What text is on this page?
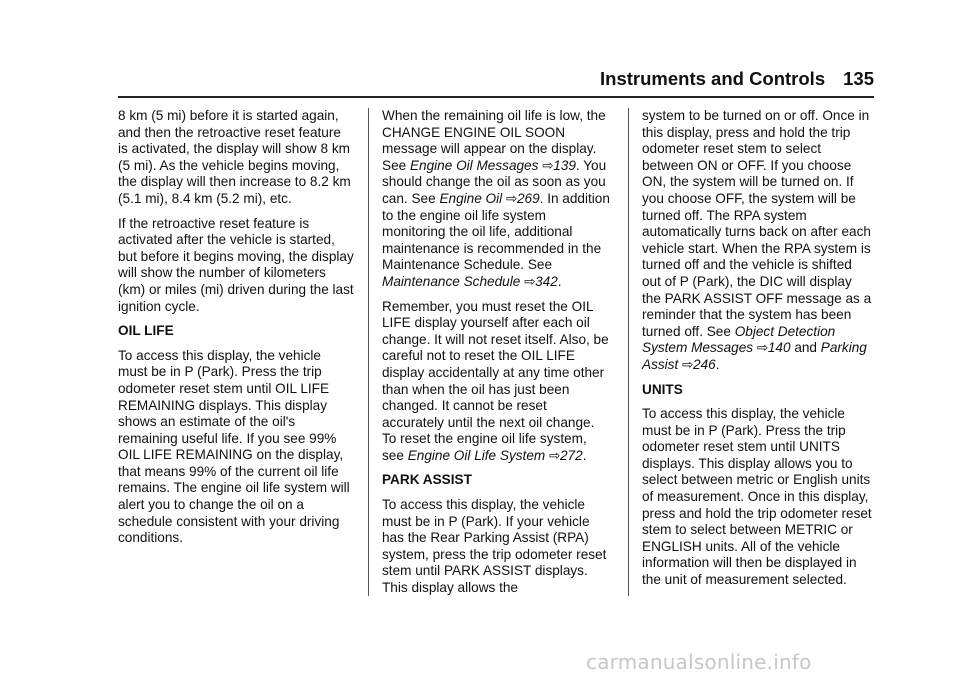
Instruments and Controls 135

8 km (5 mi) before it is started again, and then the retroactive reset feature is activated, the display will show 8 km (5 mi). As the vehicle begins moving, the display will then increase to 8.2 km (5.1 mi), 8.4 km (5.2 mi), etc.

If the retroactive reset feature is activated after the vehicle is started, but before it begins moving, the display will show the number of kilometers (km) or miles (mi) driven during the last ignition cycle.

OIL LIFE

To access this display, the vehicle must be in P (Park). Press the trip odometer reset stem until OIL LIFE REMAINING displays. This display shows an estimate of the oil's remaining useful life. If you see 99% OIL LIFE REMAINING on the display, that means 99% of the current oil life remains. The engine oil life system will alert you to change the oil on a schedule consistent with your driving conditions.

When the remaining oil life is low, the CHANGE ENGINE OIL SOON message will appear on the display. See Engine Oil Messages ⇨139. You should change the oil as soon as you can. See Engine Oil ⇨269. In addition to the engine oil life system monitoring the oil life, additional maintenance is recommended in the Maintenance Schedule. See Maintenance Schedule ⇨342.

Remember, you must reset the OIL LIFE display yourself after each oil change. It will not reset itself. Also, be careful not to reset the OIL LIFE display accidentally at any time other than when the oil has just been changed. It cannot be reset accurately until the next oil change. To reset the engine oil life system, see Engine Oil Life System ⇨272.

PARK ASSIST

To access this display, the vehicle must be in P (Park). If your vehicle has the Rear Parking Assist (RPA) system, press the trip odometer reset stem until PARK ASSIST displays. This display allows the

system to be turned on or off. Once in this display, press and hold the trip odometer reset stem to select between ON or OFF. If you choose ON, the system will be turned on. If you choose OFF, the system will be turned off. The RPA system automatically turns back on after each vehicle start. When the RPA system is turned off and the vehicle is shifted out of P (Park), the DIC will display the PARK ASSIST OFF message as a reminder that the system has been turned off. See Object Detection System Messages ⇨140 and Parking Assist ⇨246.

UNITS

To access this display, the vehicle must be in P (Park). Press the trip odometer reset stem until UNITS displays. This display allows you to select between metric or English units of measurement. Once in this display, press and hold the trip odometer reset stem to select between METRIC or ENGLISH units. All of the vehicle information will then be displayed in the unit of measurement selected.

carmanualsonline.info
